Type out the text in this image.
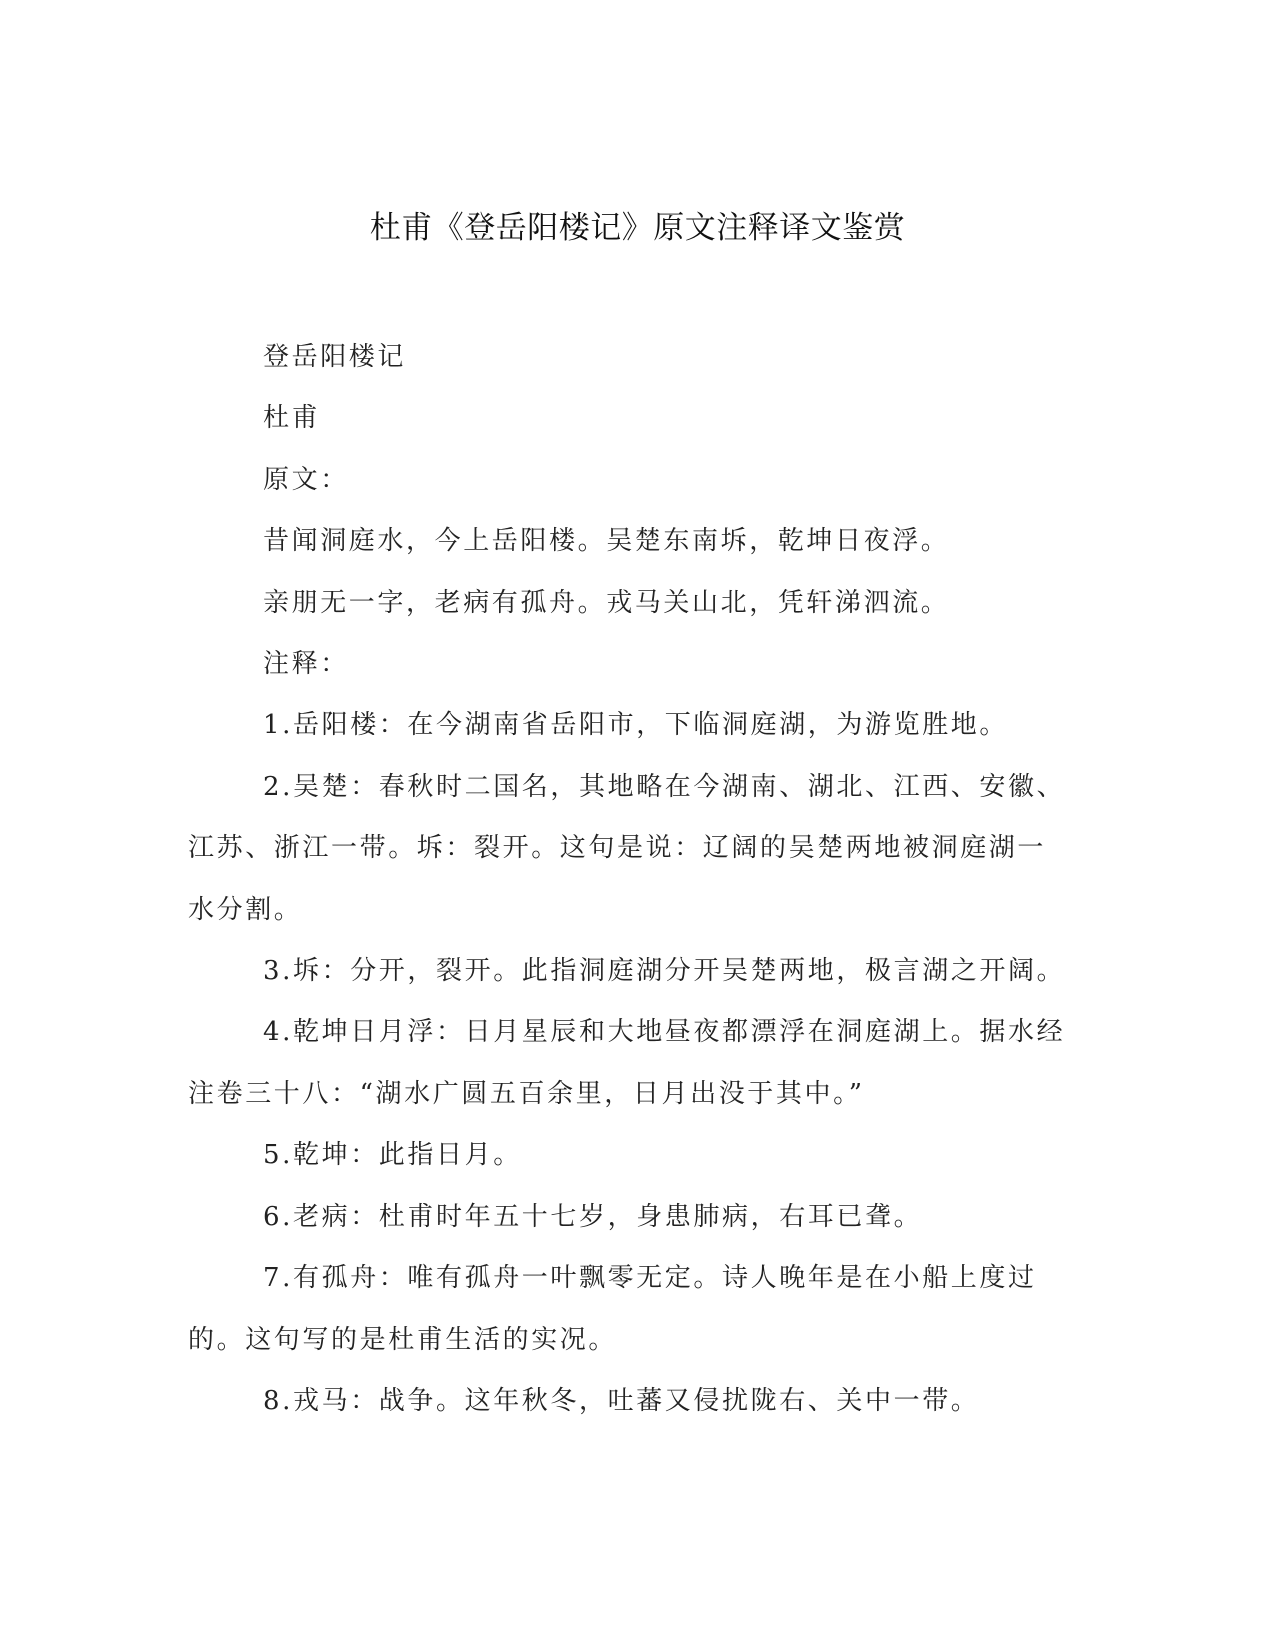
杜甫《登岳阳楼记》原文注释译文鉴赏

登岳阳楼记

杜甫

原文：

昔闻洞庭水，今上岳阳楼。吴楚东南坼，乾坤日夜浮。

亲朋无一字，老病有孤舟。戎马关山北，凭轩涕泗流。

注释：

1.岳阳楼：在今湖南省岳阳市，下临洞庭湖，为游览胜地。

2.吴楚：春秋时二国名，其地略在今湖南、湖北、江西、安徽、江苏、浙江一带。坼：裂开。这句是说：辽阔的吴楚两地被洞庭湖一水分割。

3.坼：分开，裂开。此指洞庭湖分开吴楚两地，极言湖之开阔。

4.乾坤日月浮：日月星辰和大地昼夜都漂浮在洞庭湖上。据水经注卷三十八：“湖水广圆五百余里，日月出没于其中。”

5.乾坤：此指日月。

6.老病：杜甫时年五十七岁，身患肺病，右耳已聋。

7.有孤舟：唯有孤舟一叶飘零无定。诗人晚年是在小船上度过的。这句写的是杜甫生活的实况。

8.戎马：战争。这年秋冬，吐蕃又侵扰陇右、关中一带。
